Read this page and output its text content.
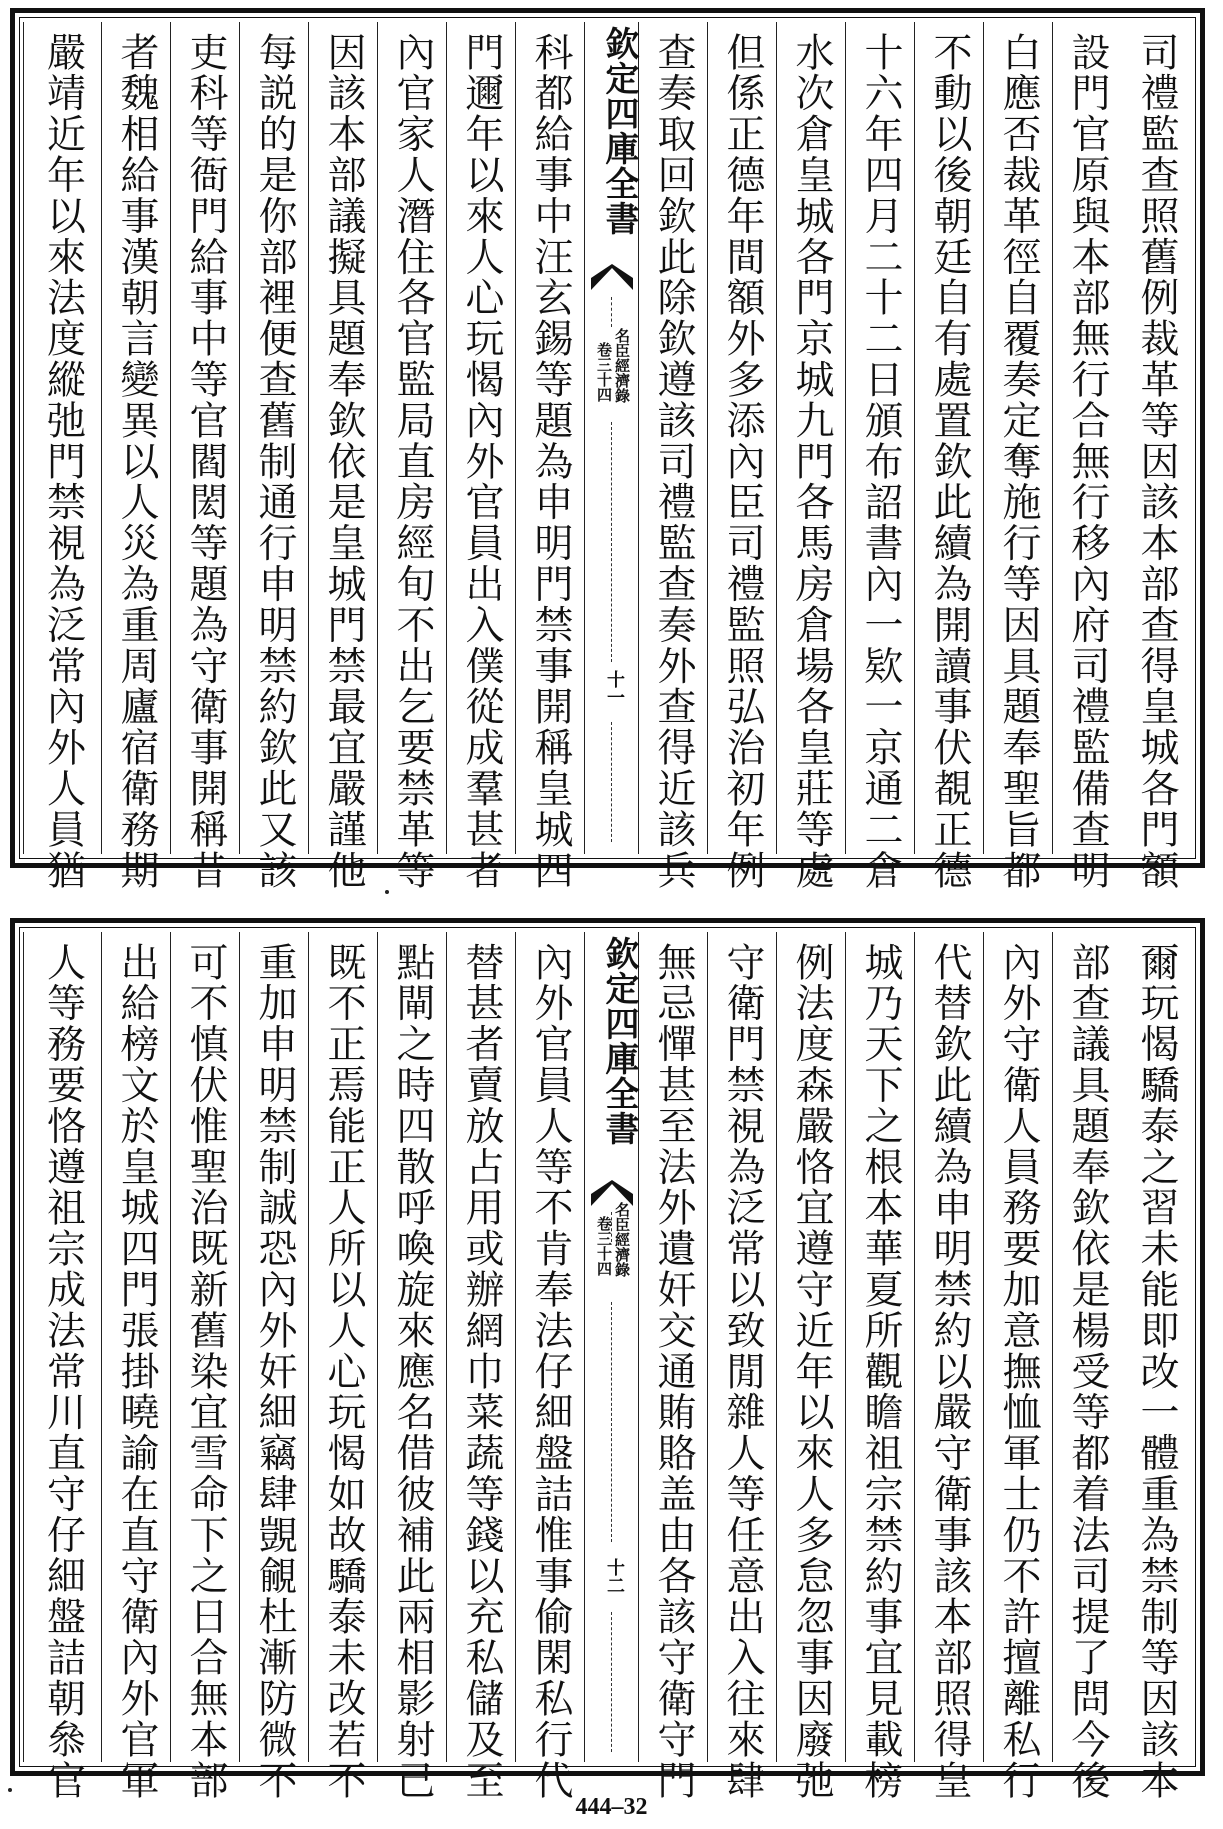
司禮監查照舊例裁革等因該本部查得皇城各門額
設門官原與本部無行合無行移內府司禮監備查明
白應否裁革徑自覆奏定奪施行等因具題奉聖旨都
不動以後朝廷自有處置欽此續為開讀事伏覩正德
十六年四月二十二日頒布詔書內一欵一京通二倉
水次倉皇城各門京城九門各馬房倉場各皇莊等處
但係正德年間額外多添內臣司禮監照弘治初年例
查奏取回欽此除欽遵該司禮監查奏外查得近該兵
欽定四庫全書
名臣經濟錄
卷三十四
十一
科都給事中汪玄錫等題為申明門禁事開稱皇城四
門邇年以來人心玩愒內外官員出入僕從成羣甚者
內官家人潛住各官監局直房經旬不出乞要禁革等
因該本部議擬具題奉欽依是皇城門禁最宜嚴謹他
每説的是你部裡便查舊制通行申明禁約欽此又該
吏科等衙門給事中等官閻閎等題為守衛事開稱昔
者魏相給事漢朝言變異以人災為重周廬宿衛務期
嚴靖近年以來法度縱弛門禁視為泛常內外人員猶
爾玩愒驕泰之習未能即改一體重為禁制等因該本
部查議具題奉欽依是楊受等都着法司提了問今後
內外守衛人員務要加意撫恤軍士仍不許擅離私行
代替欽此續為申明禁約以嚴守衛事該本部照得皇
城乃天下之根本華夏所觀瞻祖宗禁約事宜見載榜
例法度森嚴恪宜遵守近年以來人多怠忽事因廢弛
守衛門禁視為泛常以致閒雜人等任意出入往來肆
無忌憚甚至法外遺奸交通賄賂盖由各該守衛守門
欽定四庫全書
名臣經濟錄
卷三十四
十二
內外官員人等不肯奉法仔細盤詰惟事偷閑私行代
替甚者賣放占用或辦網巾菜蔬等錢以充私儲及至
點閘之時四散呼喚旋來應名借彼補此兩相影射己
既不正焉能正人所以人心玩愒如故驕泰未改若不
重加申明禁制誠恐內外奸細竊肆覬覦杜漸防微不
可不慎伏惟聖治既新舊染宜雪命下之日合無本部
出給榜文於皇城四門張掛曉諭在直守衛內外官軍
人等務要恪遵祖宗成法常川直守仔細盤詰朝叅官
444–32
